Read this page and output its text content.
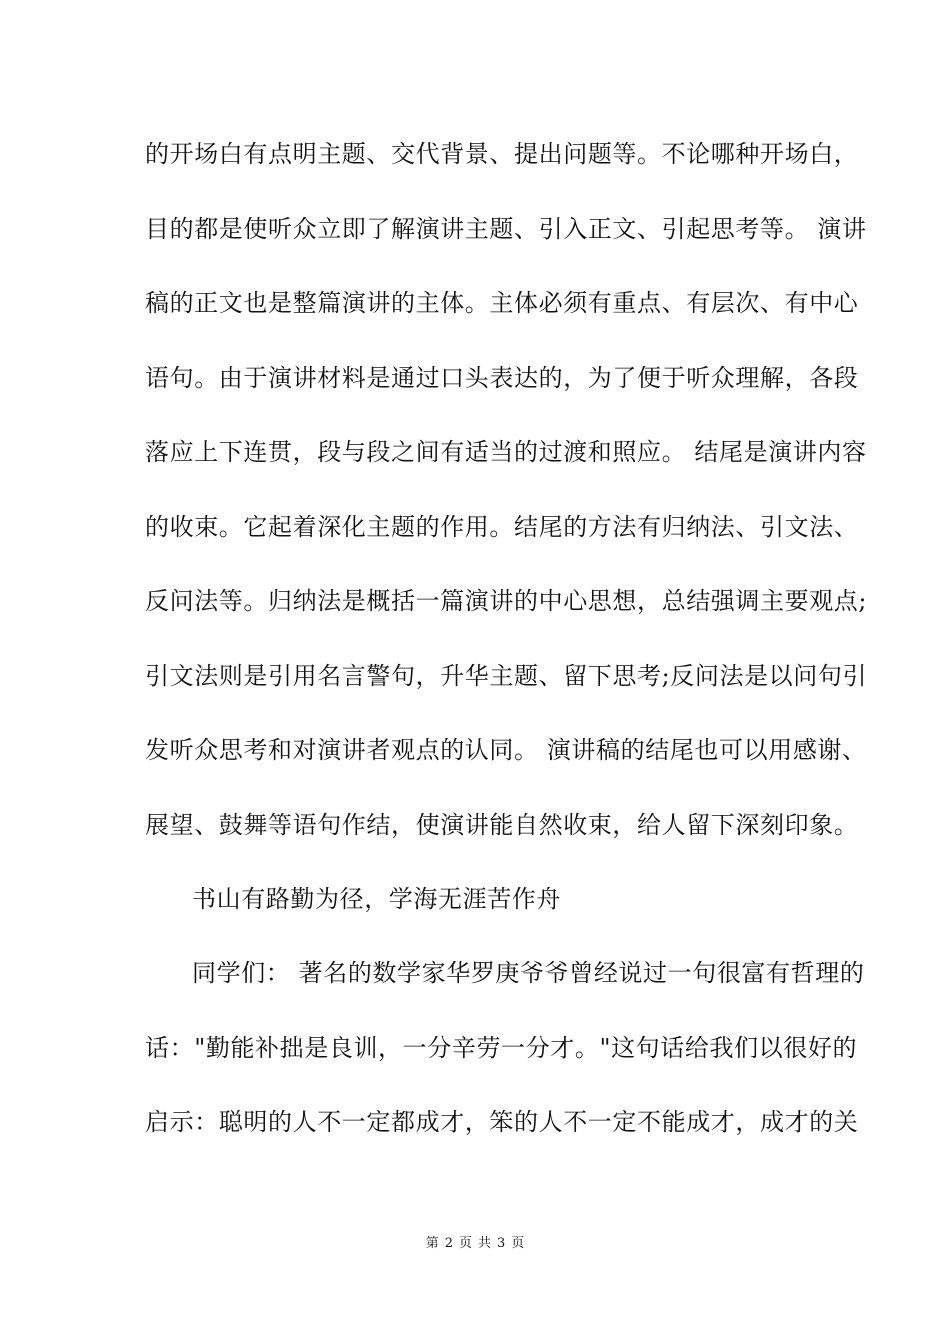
的开场白有点明主题、交代背景、提出问题等。不论哪种开场白，
目的都是使听众立即了解演讲主题、引入正文、引起思考等。 演讲
稿的正文也是整篇演讲的主体。主体必须有重点、有层次、有中心
语句。由于演讲材料是通过口头表达的，为了便于听众理解，各段
落应上下连贯，段与段之间有适当的过渡和照应。 结尾是演讲内容
的收束。它起着深化主题的作用。结尾的方法有归纳法、引文法、
反问法等。归纳法是概括一篇演讲的中心思想，总结强调主要观点;
引文法则是引用名言警句，升华主题、留下思考;反问法是以问句引
发听众思考和对演讲者观点的认同。 演讲稿的结尾也可以用感谢、
展望、鼓舞等语句作结，使演讲能自然收束，给人留下深刻印象。
书山有路勤为径，学海无涯苦作舟
同学们： 著名的数学家华罗庚爷爷曾经说过一句很富有哲理的
话："勤能补拙是良训，一分辛劳一分才。"这句话给我们以很好的
启示：聪明的人不一定都成才，笨的人不一定不能成才，成才的关
第 2 页 共 3 页
